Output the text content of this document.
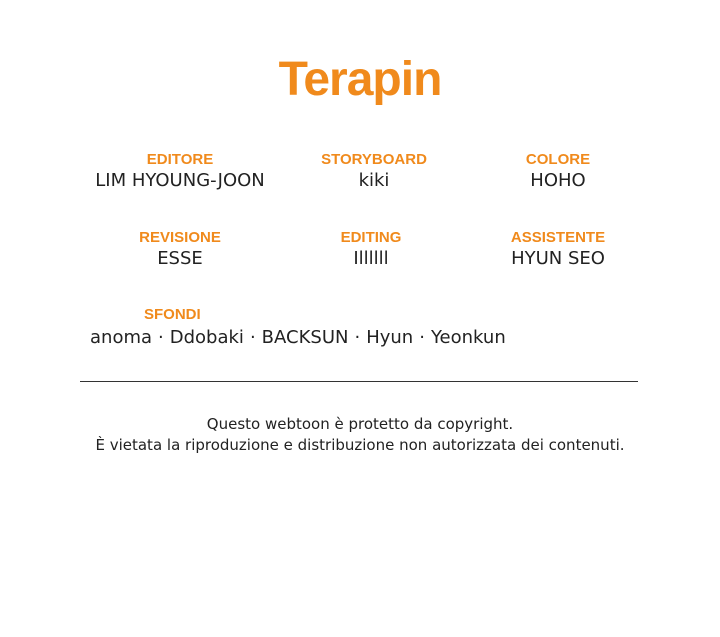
Terapin
EDITORE
LIM HYOUNG-JOON
STORYBOARD
kiki
COLORE
HOHO
REVISIONE
ESSE
EDITING
Illllll
ASSISTENTE
HYUN SEO
SFONDI
anoma · Ddobaki · BACKSUN · Hyun · Yeonkun
Questo webtoon è protetto da copyright.
È vietata la riproduzione e distribuzione non autorizzata dei contenuti.
